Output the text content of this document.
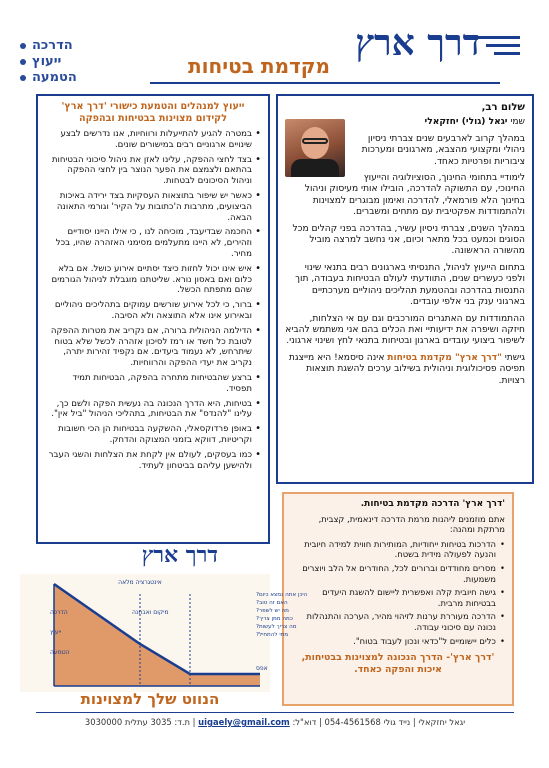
דרך ארץ
מקדמת בטיחות
הדרכה
ייעוץ
הטמעה
שלום רב,

שמי יגאל (גולי) יחזקאלי

במהלך קרוב לארבעים שנים צברתי ניסיון ניהולי ומקצועי מהצבא, מארגונים ומערכות ציבוריות ופרטיות כאחד.

לימודיי בתחומי החינוך, הסוציולוגיה והייעוץ החינוכי, עם התשוקה להדרכה, הובילו אותי מעיסוק וניהול בחינוך הלא פורמאלי, להדרכה ואימון מבוגרים למצוינות ולהתמודדות אפקטיבית עם מתחים ומשברים.

במהלך השנים, צברתי ניסיון עשיר, בהדרכה בפני קהלים מכל הסוגים וכמעט בכל מתאר וכיום, אני נחשב למרצה מוביל מהשורה הראשונה.

בתחום הייעוץ לניהול, התנסיתי בארגונים רבים בתנאי שינוי ולפני כעשרים שנים, התוודעתי לעולם הבטיחות בעבודה, תוך התנסות בהדרכה ובהטמעת תהליכים ניהוליים מערכתיים בארגוני ענק בני אלפי עובדים.

ההתמודדות עם האתגרים המורכבים וגם עם אי הצלחות, חיזקה ושיפרה את ידיעותיי ואת הכלים בהם אני משתמש להביא לשיפור ביצועי עובדים בארגון ובטיחות בתנאי לחץ ושינוי ארגוני.

גישתי "דרך ארץ" מקדמת בטיחות אינה סיסמא! היא מייצגת תפיסה פסיכולוגית וניהולית בשילוב ערכים להשגת תוצאות רצויות.

ייעוץ למנהלים והטמעת כישורי 'דרך ארץ' לקידום מצוינות בבטיחות ובהפקה
• במטרה להגיע להתייעלות ורווחיות, אנו נדרשים לבצע שינויים ארגוניים רבים במישורים שונים.
• בצד לחצי ההפקה, עלינו לאזן את ניהול סיכוני הבטיחות בהתאם ולצמצם את הפער הנוצר בין לחצי ההפקה וניהול הסיכונים לבטחות.
• כאשר יש שיפור בתוצאות העסקיות בצד ירידה באיכות הביצועים, מתרבות ה'כתובות על הקיר' וגורמי התאונה הבאה.
• החכמה שבדיעבד, מוכיחה לנו , כי אילו היינו יסודיים וזהירים, לא היינו מתעלמים מסימני האזהרה שהיו, בכל מחיר.
• איש אינו יכול לחזות כיצד יסתיים אירוע כושל. אם בלא כלום ואם באסון נורא. שליטתנו מוגבלת לניהול הגורמים שהם מתפתח הכשל.
• ברור, כי לכל אירוע שורשים עמוקים בתהליכים ניהוליים ובאירוע אינו אלא התוצאה ולא הסיבה.
• הדילמה הניהולית ברורה, אם נקריב את מטרות ההפקה לטובת כל חשד או רמז לסיכון אזהרה לכשל שלא בטוח שיתרחש, לא נעמוד ביעדים. אם נקפיד זהירות יתרה, נקריב את יעדי ההפקה והרווחיות.
• ברצע שהבטיחות מתחרה בהפקה, הבטיחות תמיד תפסיד.
• בטיחות, היא הדרך הנכונה בה נעשית הפקה ולשם כך, עלינו "להנדס" את הבטיחות, בתהליכי הניהול "ביל אין".
• באופן פרדוקסאלי, ההשקעה בבטיחות הן הכי חשובות וקריטיות, דווקא בזמני המצוקה והדחק.
• כמו בעסקים, לעולם אין לקחת את הצלחות והשגי העבר ולהישען עליהם בביטחון לעתיד.
'דרך ארץ' הדרכה מקדמת בטיחות.
אתם מוזמנים ליהנות מרמת הדרכה דינאמית, קצבית, מרתקת ומהנה:
• הדרכות בטיחות ייחודיות, המותירות חווית למידה חיובית והנעה לפעולה מידית בשטח.
• מסרים מחודדים וברורים לכל, החודרים אל הלב ויוצרים משמעות.
• גישה חיובית קלה ואפשרית ליישום להשגת היעדים בבטיחות מרבית.
• הדרכה מעוררת ערנות לזיהוי מהיר, הערכה והתנהלות נכונה עם סיכוני עבודה.
• כלים יישומיים ל"כדאי ונכון לעבוד בטוח".
'דרך ארץ'- הדרך הנכונה למצוינות בבטיחות, איכות והפקה כאחד.
דרך ארץ
אינטגרציה מלאה
הדרכה
ייעוץ
הטמעה
היכן אתה נמצא כיום?
האם זה טוב?
מה יש לשפר?
כמה ממן צריך?
מה צריך לעשות?
מתי להתחיל?
מיקום ואבחנה
אפס
הנווט שלך למצוינות
יגאל יחזקאלי | נייד גולי 054-4561568 | דוא"ל: uigaely@gmail.com | ת.ד: 3035 עתלית 3030000
